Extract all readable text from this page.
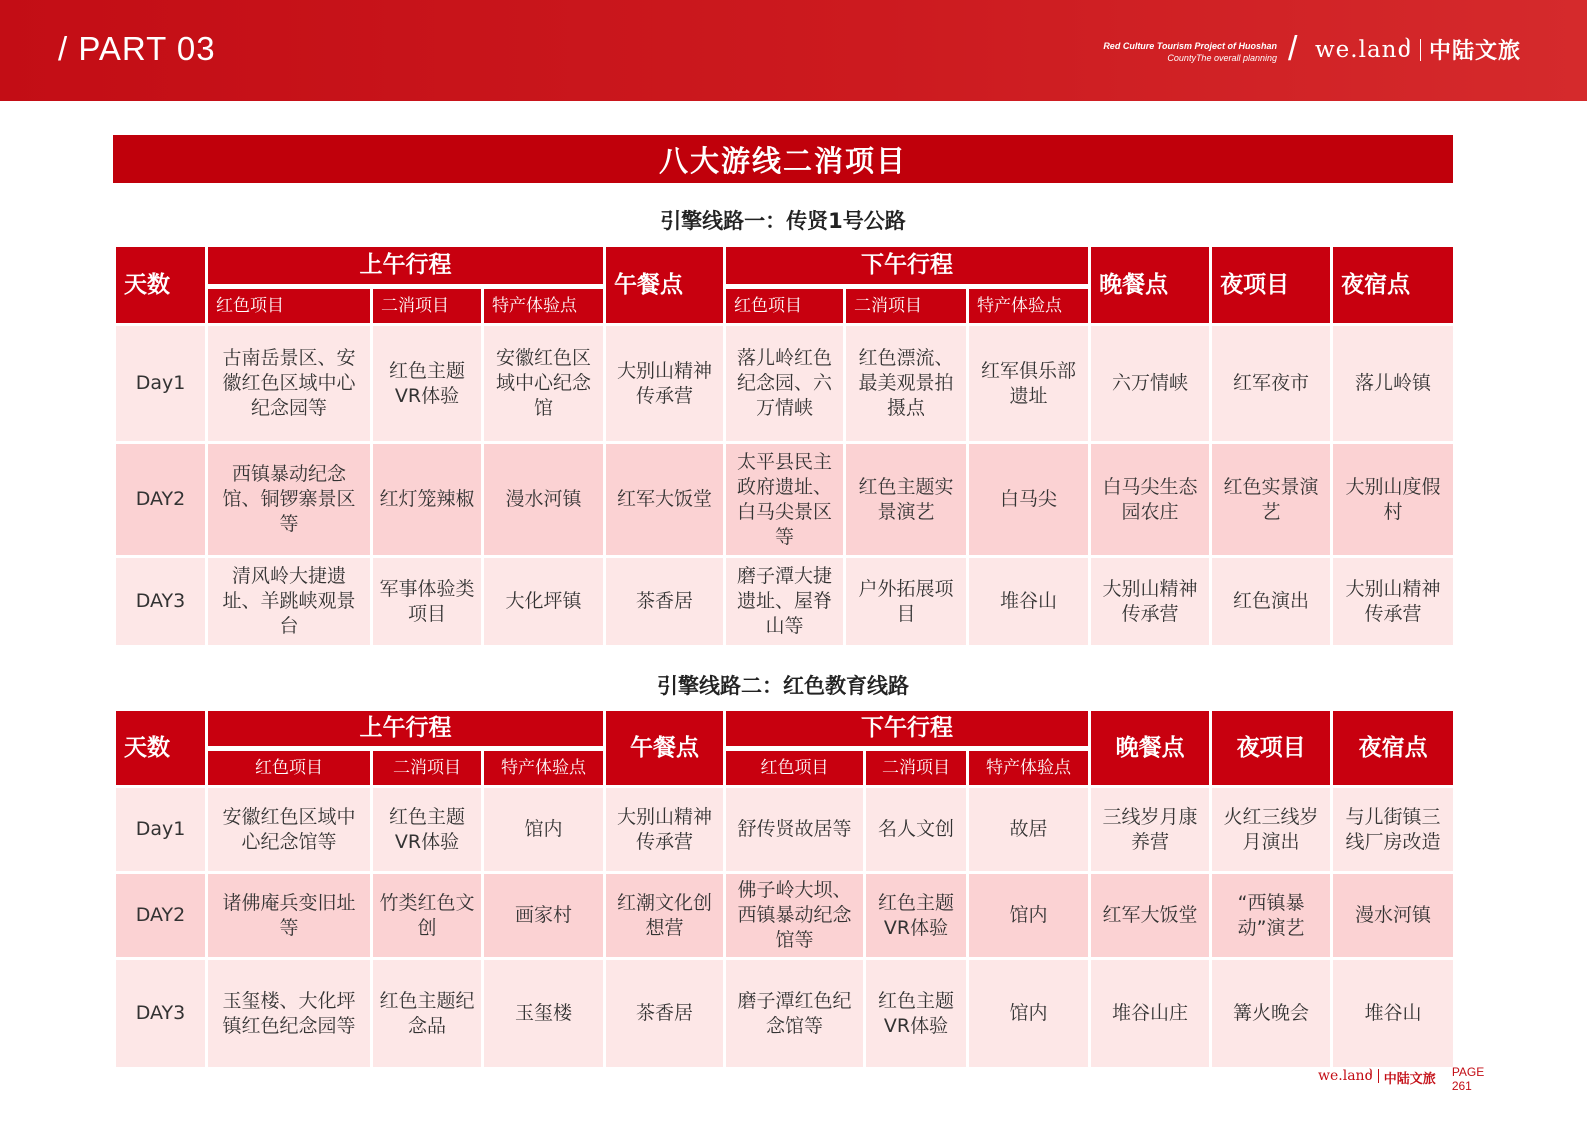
/ PART 03	Red Culture Tourism Project of Huoshan
CountyThe overall planning / we.lanძ 中陆文旅
八大游线二消项目
引擎线路一：传贤1号公路
天数	上午行程			午餐点	下午行程			晚餐点	夜项目	夜宿点

	红色项目	二消项目	特产体验点		红色项目	二消项目	特产体验点			

Day1	古南岳景区、安徽红色区域中心纪念园等	红色主题VR体验	安徽红色区域中心纪念馆	大别山精神传承营	落儿岭红色纪念园、六万情峡	红色漂流、最美观景拍摄点	红军俱乐部遗址	六万情峡	红军夜市	落儿岭镇
DAY2	西镇暴动纪念馆、铜锣寨景区等	红灯笼辣椒	漫水河镇	红军大饭堂	太平县民主政府遗址、白马尖景区等	红色主题实景演艺	白马尖	白马尖生态园农庄	红色实景演艺	大别山度假村
DAY3	清风岭大捷遗址、羊跳峡观景台	军事体验类项目	大化坪镇	茶香居	磨子潭大捷遗址、屋脊山等	户外拓展项目	堆谷山	大别山精神传承营	红色演出	大别山精神传承营
引擎线路二：红色教育线路
天数	上午行程			午餐点	下午行程			晚餐点	夜项目	夜宿点

	红色项目	二消项目	特产体验点		红色项目	二消项目	特产体验点			

Day1	安徽红色区域中心纪念馆等	红色主题VR体验	馆内	大别山精神传承营	舒传贤故居等	名人文创	故居	三线岁月康养营	火红三线岁月演出	与儿街镇三线厂房改造
DAY2	诸佛庵兵变旧址等	竹类红色文创	画家村	红潮文化创想营	佛子岭大坝、西镇暴动纪念馆等	红色主题VR体验	馆内	红军大饭堂	“西镇暴动”演艺	漫水河镇
DAY3	玉玺楼、大化坪镇红色纪念园等	红色主题纪念品	玉玺楼	茶香居	磨子潭红色纪念馆等	红色主题VR体验	馆内	堆谷山庄	篝火晚会	堆谷山
we.lanძ 中陆文旅 PAGE
261
